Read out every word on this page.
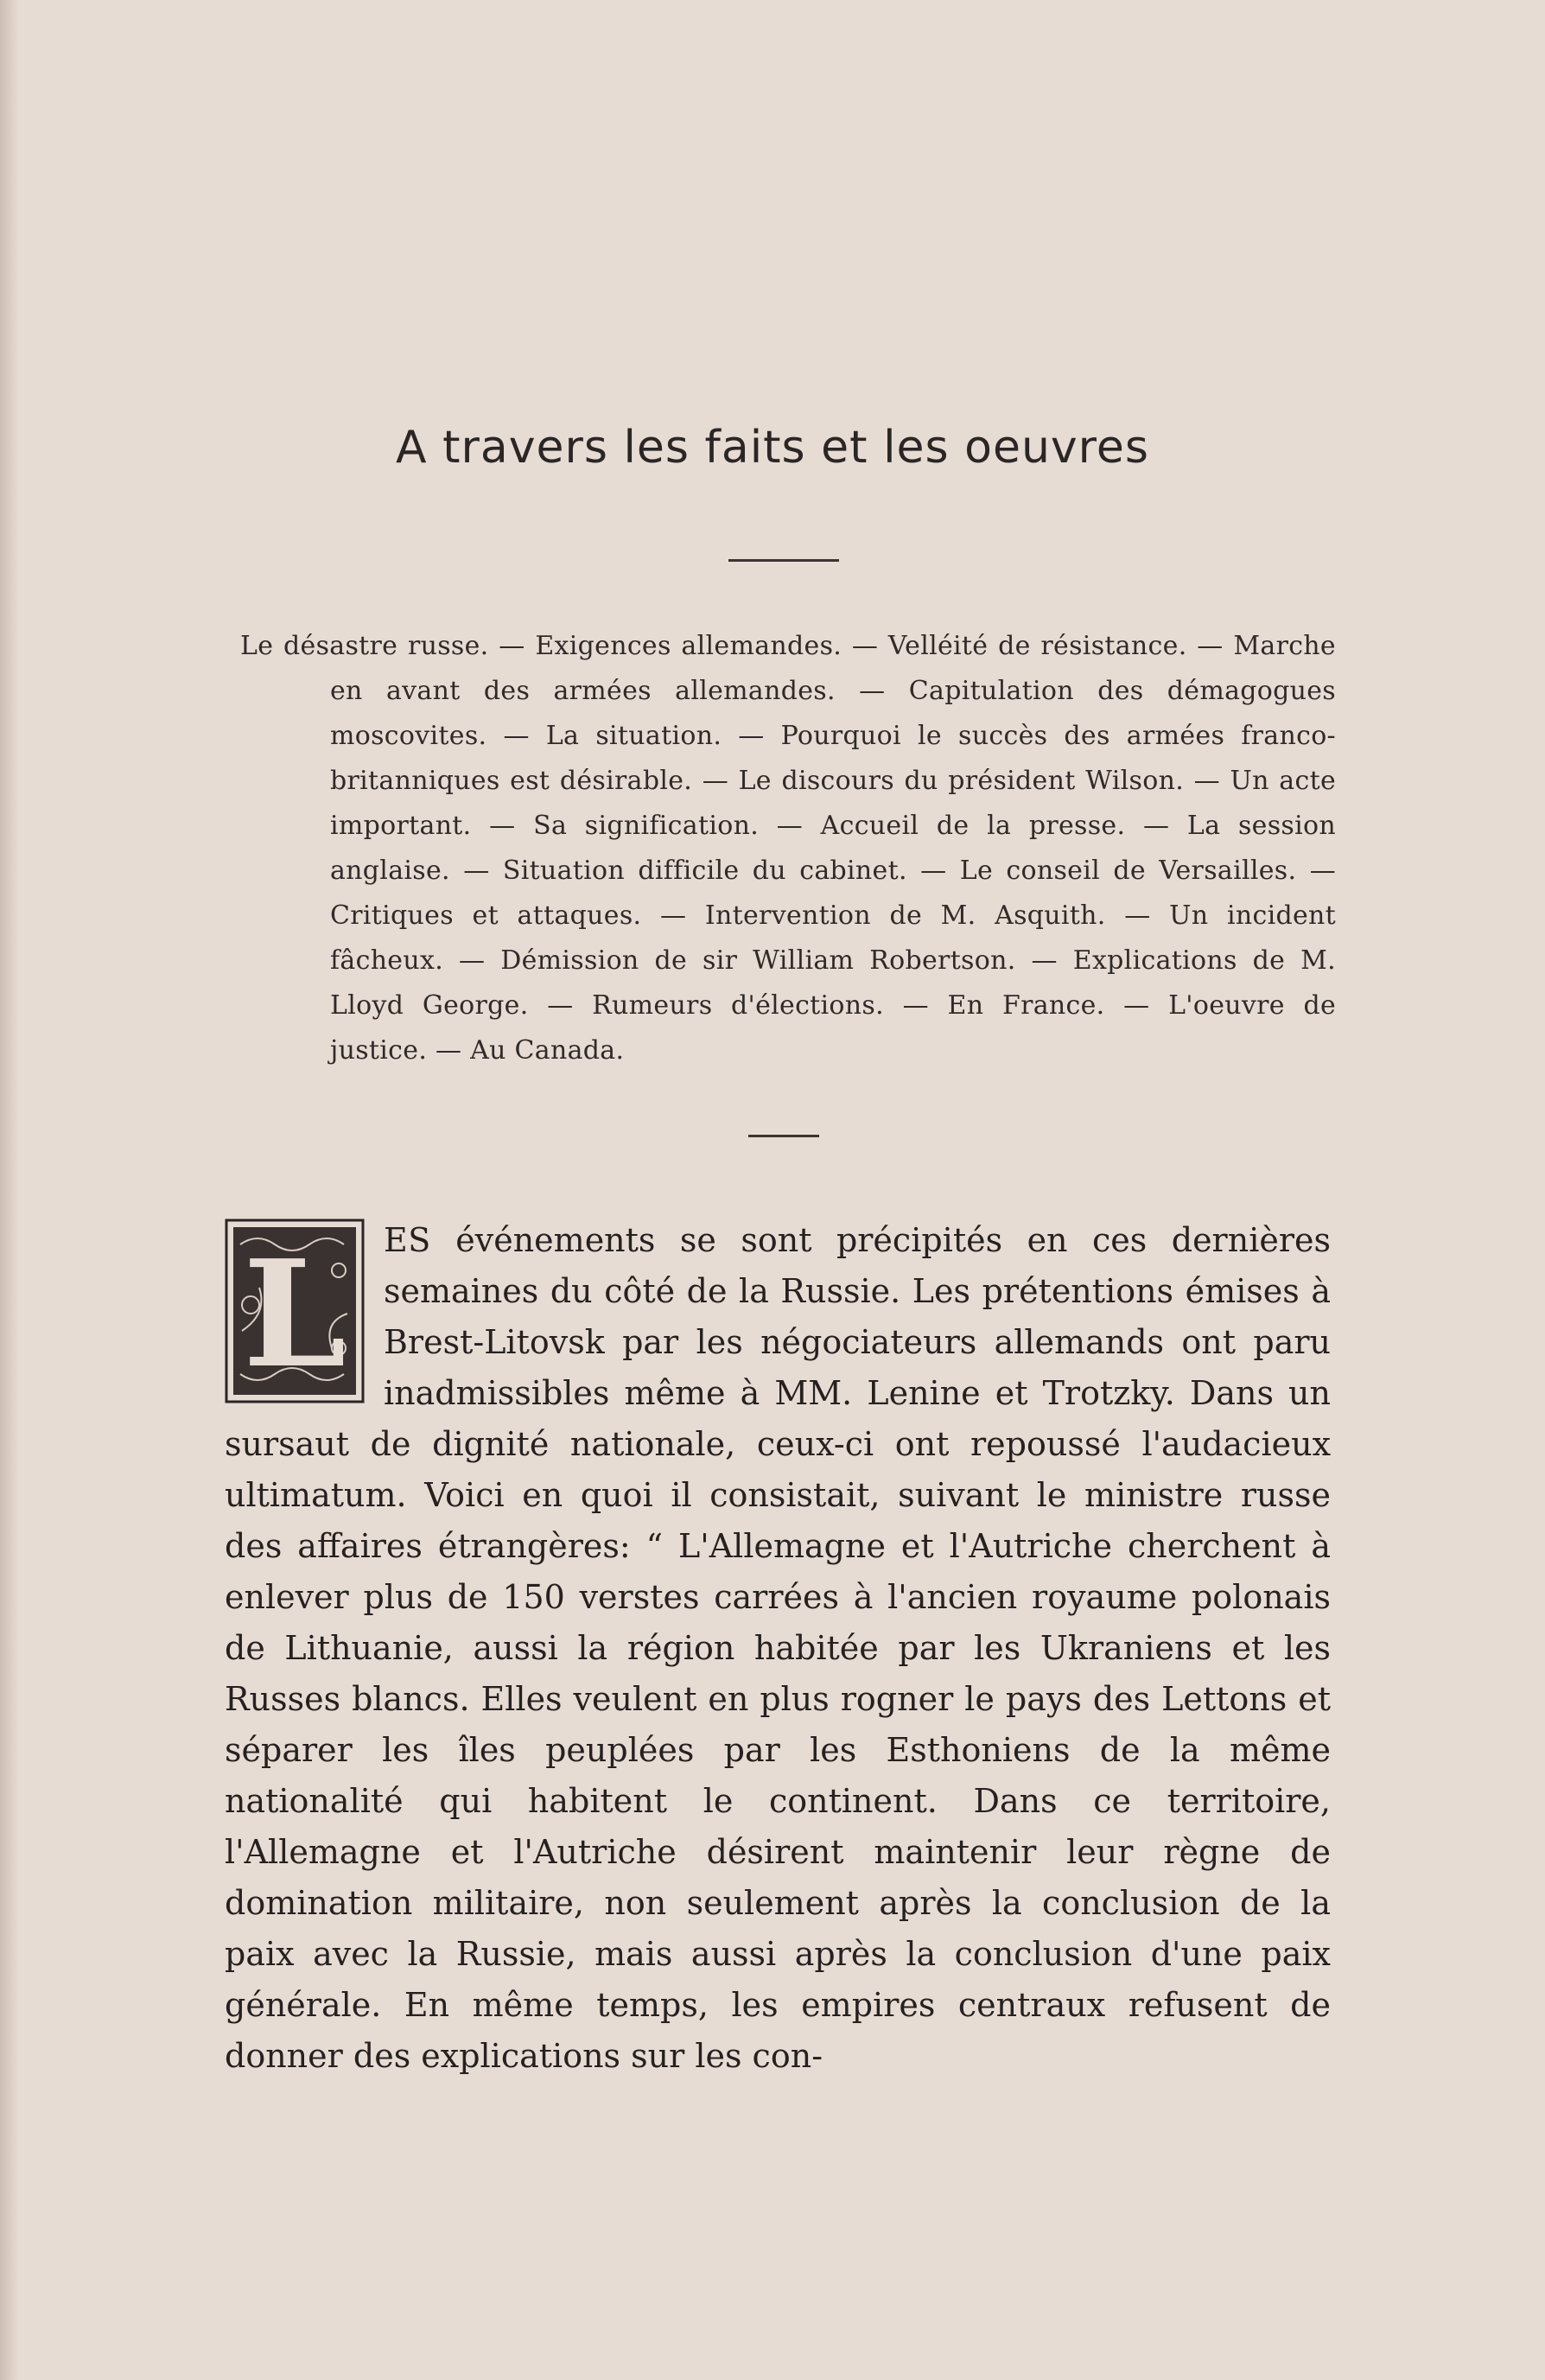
A travers les faits et les oeuvres

Le désastre russe. — Exigences allemandes. — Velléité de résistance. — Marche en avant des armées allemandes. — Capitulation des démagogues moscovites. — La situation. — Pourquoi le succès des armées franco-britanniques est désirable. — Le discours du président Wilson. — Un acte important. — Sa signification. — Accueil de la presse. — La session anglaise. — Situation difficile du cabinet. — Le conseil de Versailles. — Critiques et attaques. — Intervention de M. Asquith. — Un incident fâcheux. — Démission de sir William Robertson. — Explications de M. Lloyd George. — Rumeurs d'élections. — En France. — L'oeuvre de justice. — Au Canada.

L ES événements se sont précipités en ces dernières semaines du côté de la Russie. Les prétentions émises à Brest-Litovsk par les négociateurs allemands ont paru inadmissibles même à MM. Lenine et Trotzky. Dans un sursaut de dignité nationale, ceux-ci ont repoussé l'audacieux ultimatum. Voici en quoi il consistait, suivant le ministre russe des affaires étrangères: “ L'Allemagne et l'Autriche cherchent à enlever plus de 150 verstes carrées à l'ancien royaume polonais de Lithuanie, aussi la région habitée par les Ukraniens et les Russes blancs. Elles veulent en plus rogner le pays des Lettons et séparer les îles peuplées par les Esthoniens de la même nationalité qui habitent le continent. Dans ce territoire, l'Allemagne et l'Autriche désirent maintenir leur règne de domination militaire, non seulement après la conclusion de la paix avec la Russie, mais aussi après la conclusion d'une paix générale. En même temps, les empires centraux refusent de donner des explications sur les con-
